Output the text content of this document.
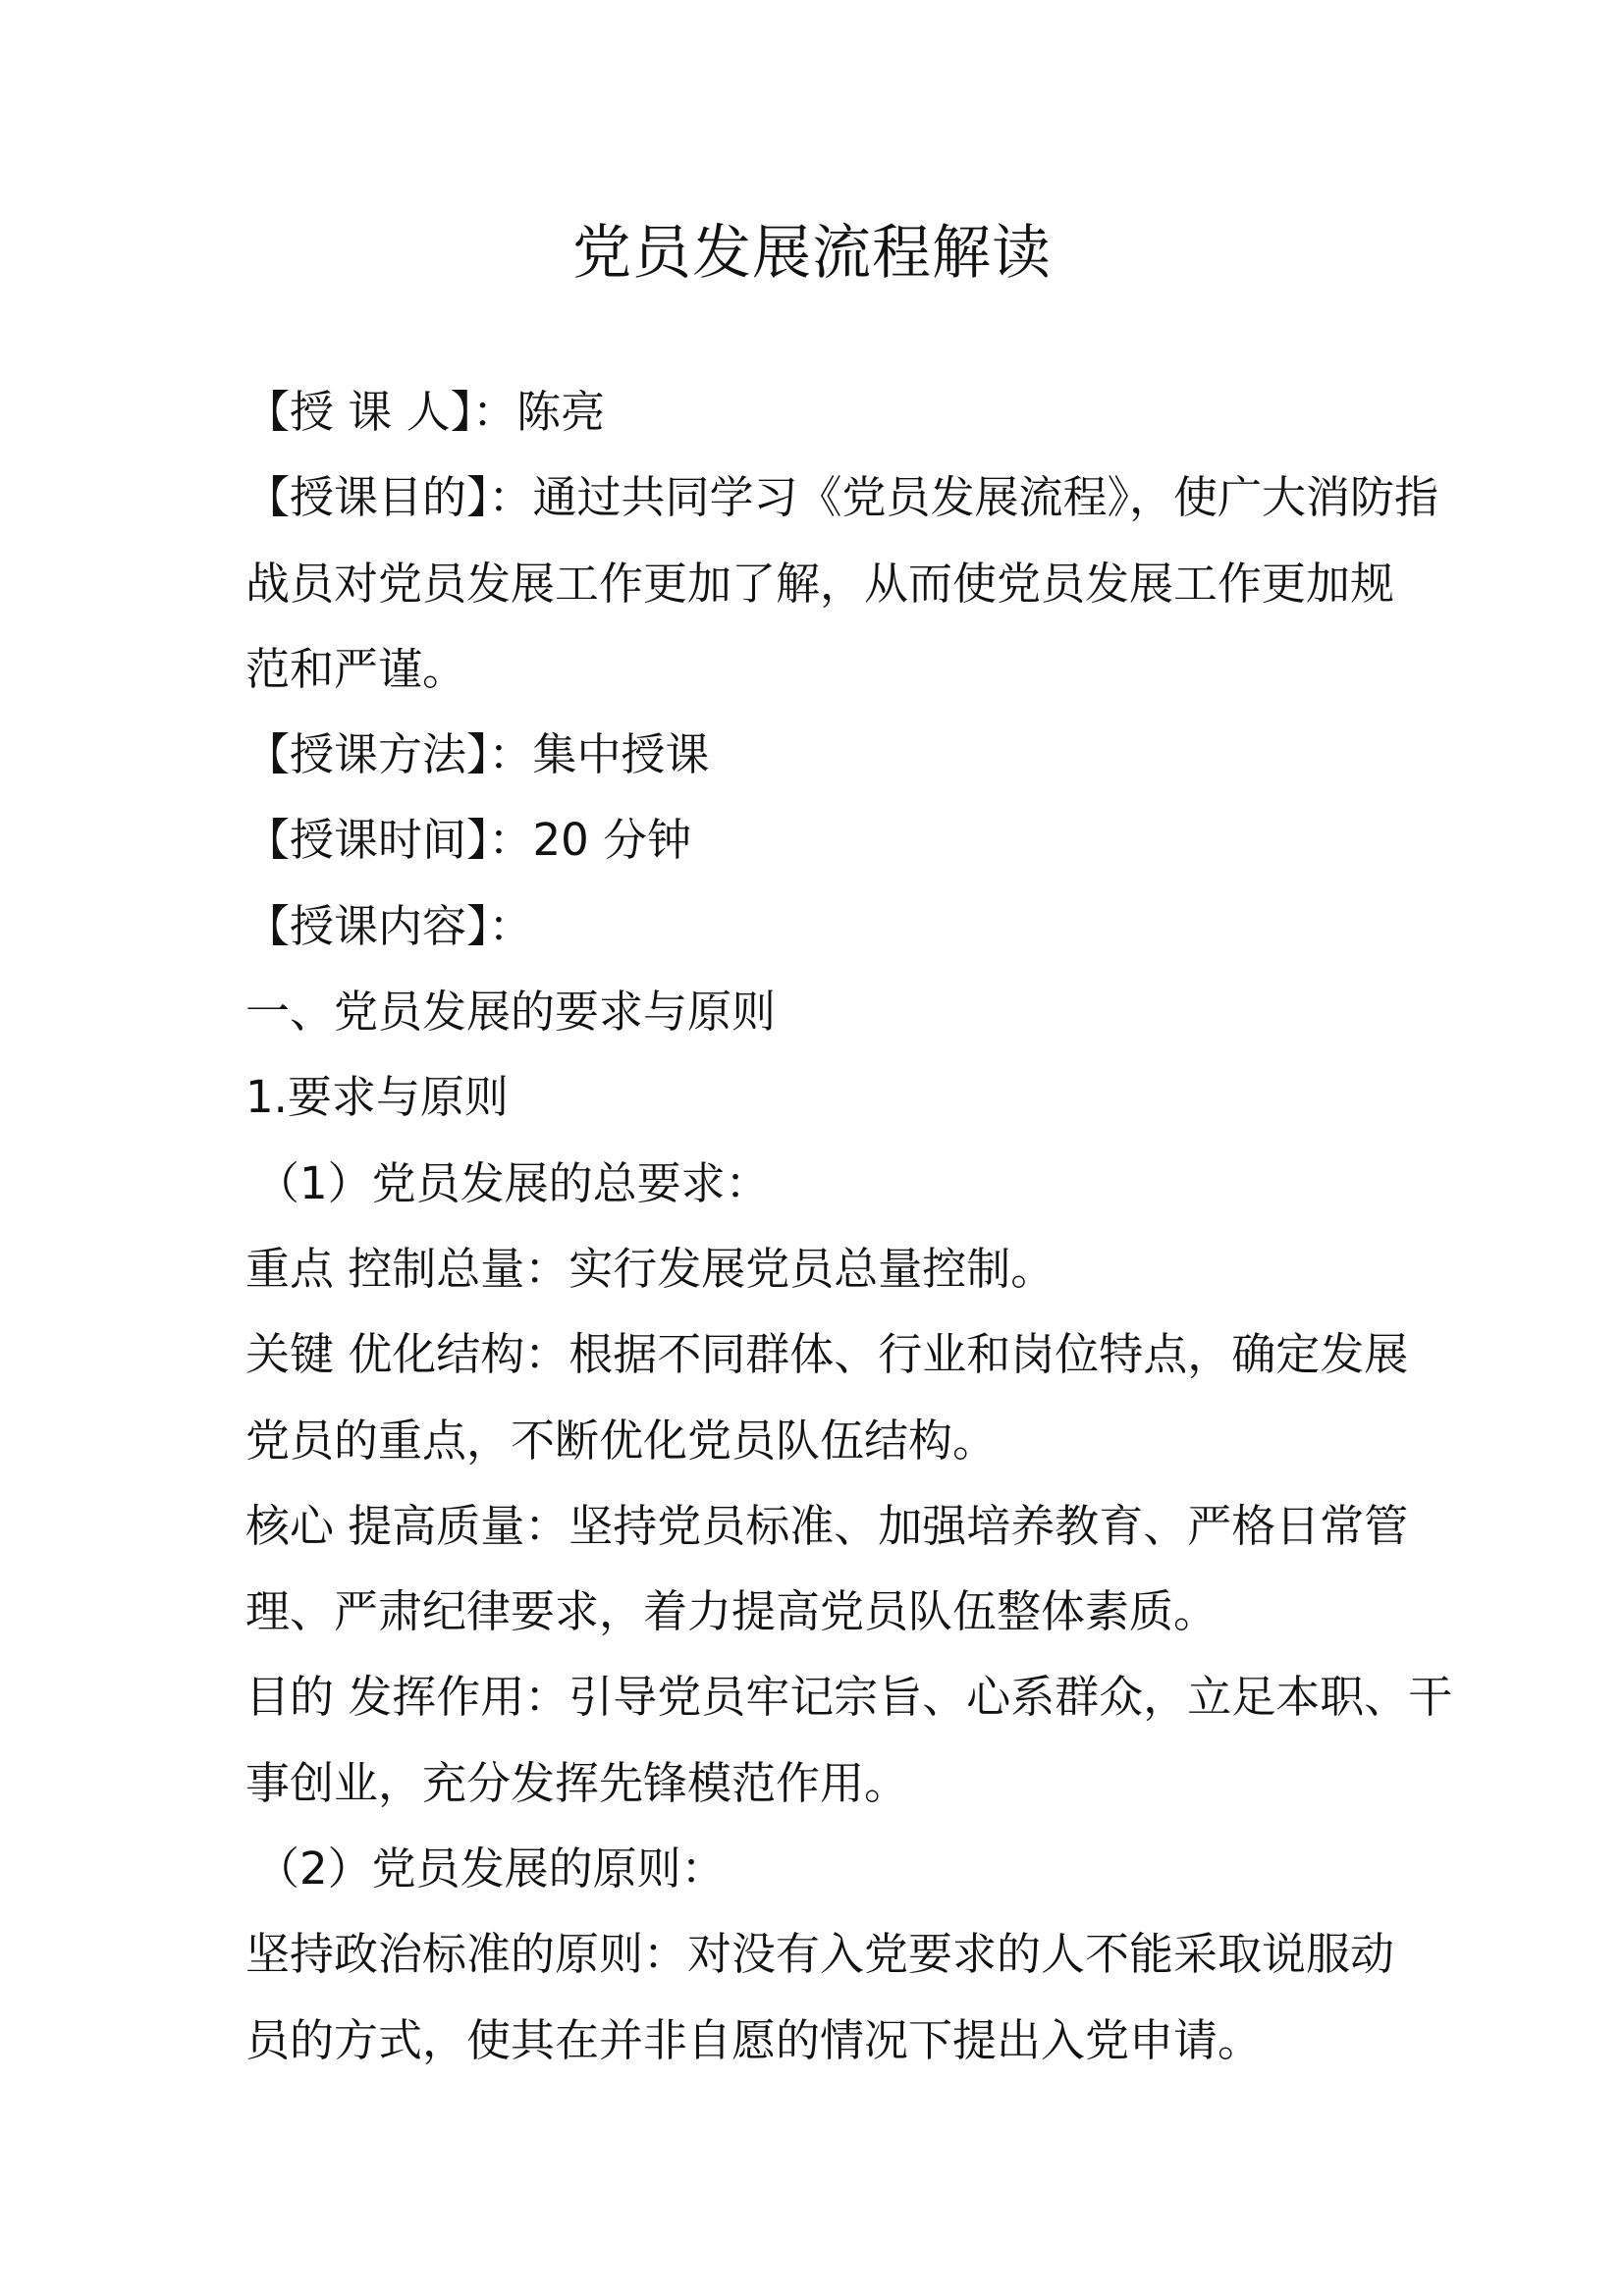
党员发展流程解读
【授 课 人】：陈亮
【授课目的】：通过共同学习《党员发展流程》，使广大消防指
战员对党员发展工作更加了解，从而使党员发展工作更加规
范和严谨。
【授课方法】：集中授课
【授课时间】：20 分钟
【授课内容】：
一、党员发展的要求与原则
1.要求与原则
（1）党员发展的总要求：
重点 控制总量：实行发展党员总量控制。
关键 优化结构：根据不同群体、行业和岗位特点，确定发展
党员的重点，不断优化党员队伍结构。
核心 提高质量：坚持党员标准、加强培养教育、严格日常管
理、严肃纪律要求，着力提高党员队伍整体素质。
目的 发挥作用：引导党员牢记宗旨、心系群众，立足本职、干
事创业，充分发挥先锋模范作用。
（2）党员发展的原则：
坚持政治标准的原则：对没有入党要求的人不能采取说服动
员的方式，使其在并非自愿的情况下提出入党申请。
